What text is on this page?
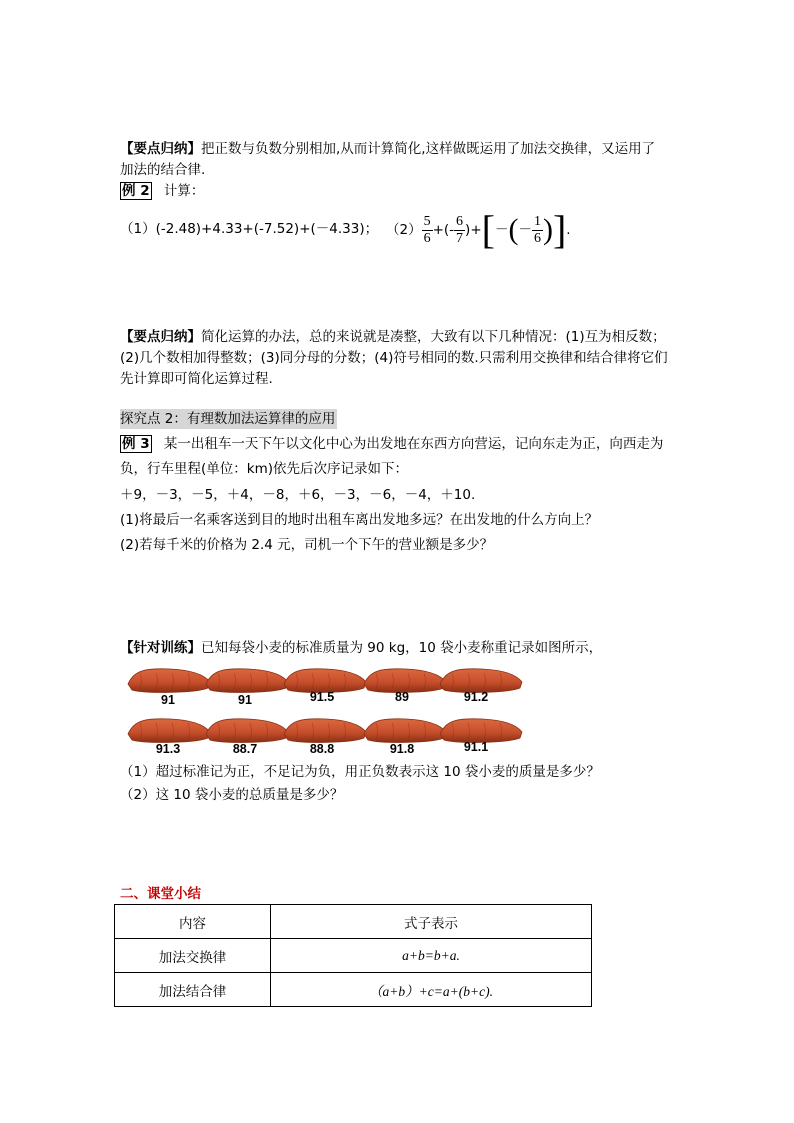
【要点归纳】把正数与负数分别相加,从而计算简化,这样做既运用了加法交换律，又运用了
加法的结合律.
例 2 计算：
（1）(-2.48)+4.33+(-7.52)+(－4.33)； $(2) \frac{5}{6}$ +(- $\frac{6}{7}$ )+ [ － ( － $\frac{1}{6}$ ) ] .
【要点归纳】简化运算的办法，总的来说就是凑整，大致有以下几种情况：(1)互为相反数；
(2)几个数相加得整数；(3)同分母的分数；(4)符号相同的数.只需利用交换律和结合律将它们
先计算即可简化运算过程.
探究点 2：有理数加法运算律的应用
例 3 某一出租车一天下午以文化中心为出发地在东西方向营运，记向东走为正，向西走为
负，行车里程(单位：km)依先后次序记录如下：
＋9，－3，－5，＋4，－8，＋6，－3，－6，－4，＋10.
(1)将最后一名乘客送到目的地时出租车离出发地多远？在出发地的什么方向上？
(2)若每千米的价格为 2.4 元，司机一个下午的营业额是多少？
【针对训练】已知每袋小麦的标准质量为 90 kg，10 袋小麦称重记录如图所示，
91	91	91.5	89	91.2
91.3	88.7	88.8	91.8	91.1
（1）超过标准记为正，不足记为负，用正负数表示这 10 袋小麦的质量是多少？
（2）这 10 袋小麦的总质量是多少？
二、课堂小结
内容	式子表示
加法交换律	a+b=b+a.
加法结合律	（a+b）+c=a+(b+c).
